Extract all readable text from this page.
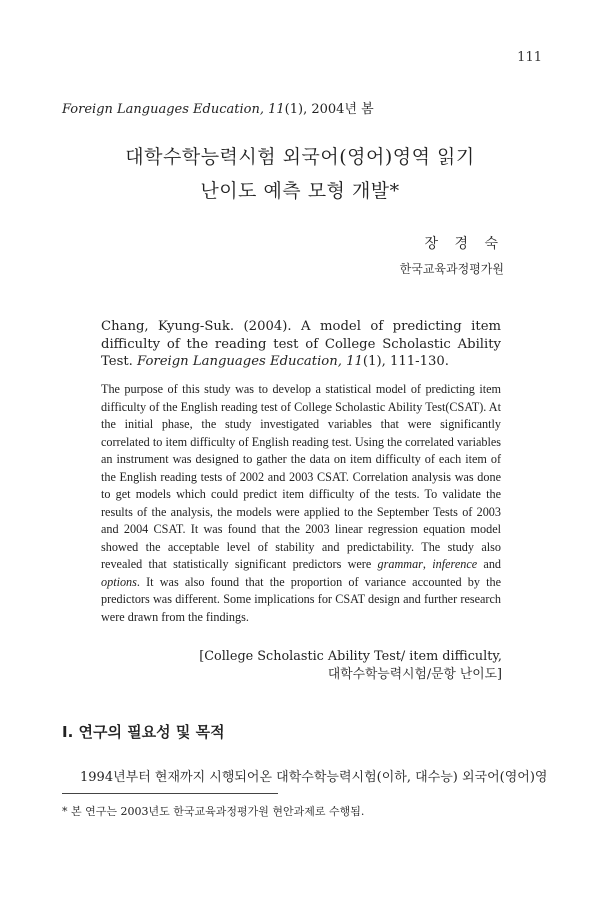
111
Foreign Languages Education, 11(1), 2004년 봄
대학수학능력시험 외국어(영어)영역 읽기
난이도 예측 모형 개발*
장 경 숙
한국교육과정평가원
Chang, Kyung-Suk. (2004). A model of predicting item difficulty of the reading test of College Scholastic Ability Test. Foreign Languages Education, 11(1), 111-130.
The purpose of this study was to develop a statistical model of predicting item difficulty of the English reading test of College Scholastic Ability Test(CSAT). At the initial phase, the study investigated variables that were significantly correlated to item difficulty of English reading test. Using the correlated variables an instrument was designed to gather the data on item difficulty of each item of the English reading tests of 2002 and 2003 CSAT. Correlation analysis was done to get models which could predict item difficulty of the tests. To validate the results of the analysis, the models were applied to the September Tests of 2003 and 2004 CSAT. It was found that the 2003 linear regression equation model showed the acceptable level of stability and predictability. The study also revealed that statistically significant predictors were grammar, inference and options. It was also found that the proportion of variance accounted by the predictors was different. Some implications for CSAT design and further research were drawn from the findings.
[College Scholastic Ability Test/ item difficulty,
대학수학능력시험/문항 난이도]
I. 연구의 필요성 및 목적
1994년부터 현재까지 시행되어온 대학수학능력시험(이하, 대수능) 외국어(영어)영
* 본 연구는 2003년도 한국교육과정평가원 현안과제로 수행됨.
